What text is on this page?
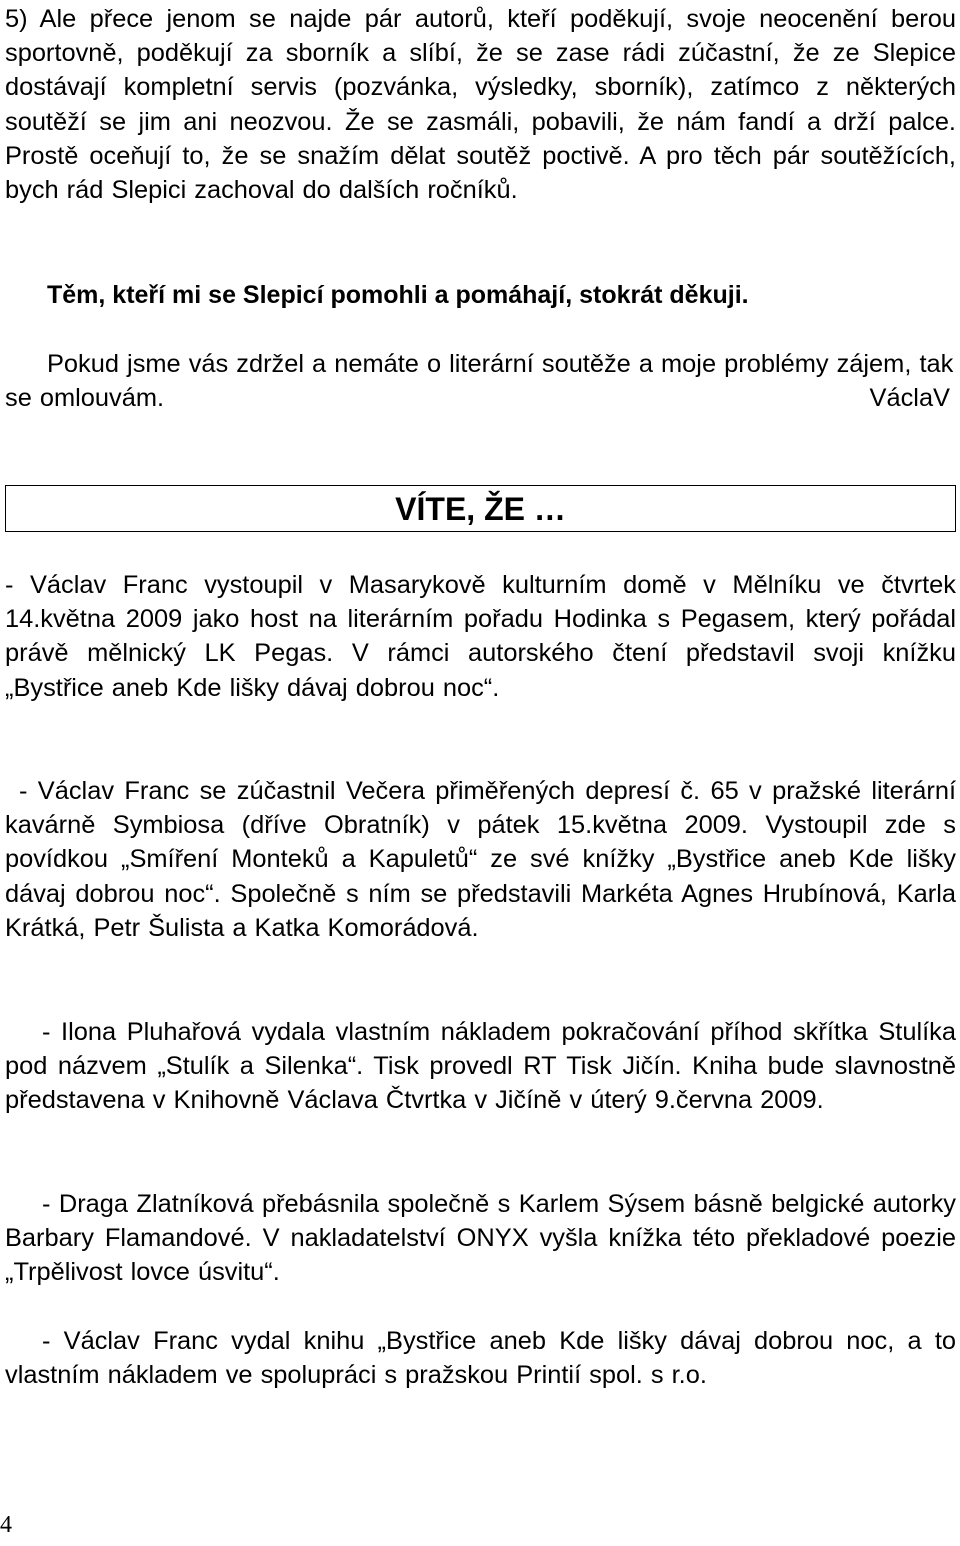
5) Ale přece jenom se najde pár autorů, kteří poděkují, svoje neocenění berou sportovně, poděkují za sborník a slíbí, že se zase rádi zúčastní, že ze Slepice dostávají kompletní servis (pozvánka, výsledky, sborník), zatímco z některých soutěží se jim ani neozvou. Že se zasmáli, pobavili, že nám fandí a drží palce. Prostě oceňují to, že se snažím dělat soutěž poctivě. A pro těch pár soutěžících, bych rád Slepici zachoval do dalších ročníků.

Těm, kteří mi se Slepicí pomohli a pomáhají, stokrát děkuji.

Pokud jsme vás zdržel a nemáte o literární soutěže a moje problémy zájem, tak se omlouvám.	VáclaV
VÍTE, ŽE …

- Václav Franc vystoupil v Masarykově kulturním domě v Mělníku ve čtvrtek 14.května 2009 jako host na literárním pořadu Hodinka s Pegasem, který pořádal právě mělnický LK Pegas. V rámci autorského čtení představil svoji knížku „Bystřice aneb Kde lišky dávaj dobrou noc“.

- Václav Franc se zúčastnil Večera přiměřených depresí č. 65 v pražské literární kavárně Symbiosa (dříve Obratník) v pátek 15.května 2009. Vystoupil zde s povídkou „Smíření Monteků a Kapuletů“ ze své knížky „Bystřice aneb Kde lišky dávaj dobrou noc“. Společně s ním se představili Markéta Agnes Hrubínová, Karla Krátká, Petr Šulista a Katka Komorádová.

- Ilona Pluhařová vydala vlastním nákladem pokračování příhod skřítka Stulíka pod názvem „Stulík a Silenka“. Tisk provedl RT Tisk Jičín. Kniha bude slavnostně představena v Knihovně Václava Čtvrtka v Jičíně v úterý 9.června 2009.

- Draga Zlatníková přebásnila společně s Karlem Sýsem básně belgické autorky Barbary Flamandové. V nakladatelství ONYX vyšla knížka této překladové poezie „Trpělivost lovce úsvitu“.

- Václav Franc vydal knihu „Bystřice aneb Kde lišky dávaj dobrou noc, a to vlastním nákladem ve spolupráci s pražskou Printií spol. s r.o.

4
